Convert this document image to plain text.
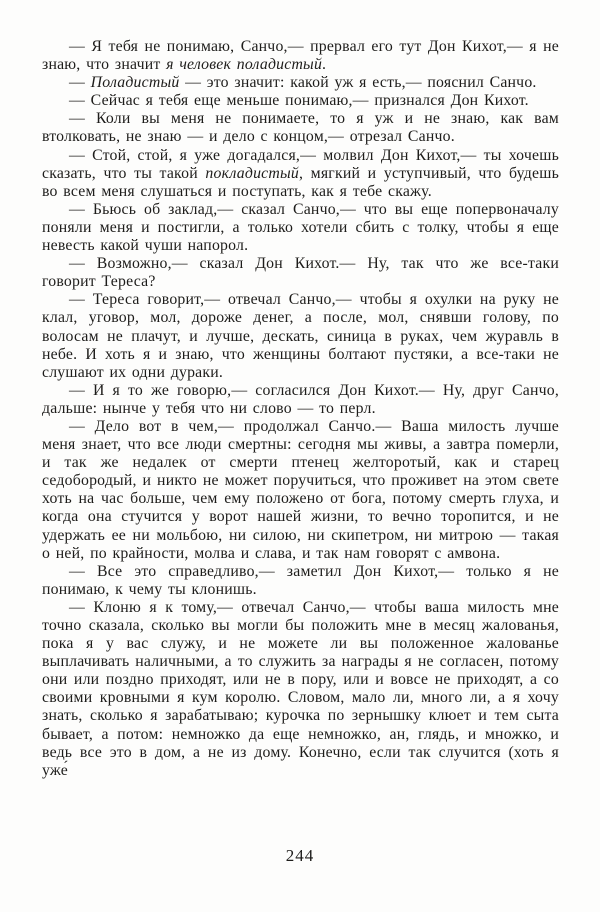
— Я тебя не понимаю, Санчо,— прервал его тут Дон Кихот,— я не знаю, что значит я человек поладистый.

— Поладистый — это значит: какой уж я есть,— пояснил Санчо.

— Сейчас я тебя еще меньше понимаю,— признался Дон Кихот.

— Коли вы меня не понимаете, то я уж и не знаю, как вам втолковать, не знаю — и дело с концом,— отрезал Санчо.

— Стой, стой, я уже догадался,— молвил Дон Кихот,— ты хочешь сказать, что ты такой покладистый, мягкий и уступчивый, что будешь во всем меня слушаться и поступать, как я тебе скажу.

— Бьюсь об заклад,— сказал Санчо,— что вы еще попервоначалу поняли меня и постигли, а только хотели сбить с толку, чтобы я еще невесть какой чуши напорол.

— Возможно,— сказал Дон Кихот.— Ну, так что же все-таки говорит Тереса?

— Тереса говорит,— отвечал Санчо,— чтобы я охулки на руку не клал, уговор, мол, дороже денег, а после, мол, снявши голову, по волосам не плачут, и лучше, дескать, синица в руках, чем журавль в небе. И хоть я и знаю, что женщины болтают пустяки, а все-таки не слушают их одни дураки.

— И я то же говорю,— согласился Дон Кихот.— Ну, друг Санчо, дальше: нынче у тебя что ни слово — то перл.

— Дело вот в чем,— продолжал Санчо.— Ваша милость лучше меня знает, что все люди смертны: сегодня мы живы, а завтра померли, и так же недалек от смерти птенец желторотый, как и старец седобородый, и никто не может поручиться, что проживет на этом свете хоть на час больше, чем ему положено от бога, потому смерть глуха, и когда она стучится у ворот нашей жизни, то вечно торопится, и не удержать ее ни мольбою, ни силою, ни скипетром, ни митрою — такая о ней, по крайности, молва и слава, и так нам говорят с амвона.

— Все это справедливо,— заметил Дон Кихот,— только я не понимаю, к чему ты клонишь.

— Клоню я к тому,— отвечал Санчо,— чтобы ваша милость мне точно сказала, сколько вы могли бы положить мне в месяц жалованья, пока я у вас служу, и не можете ли вы положенное жалованье выплачивать наличными, а то служить за награды я не согласен, потому они или поздно приходят, или не в пору, или и вовсе не приходят, а со своими кровными я кум королю. Словом, мало ли, много ли, а я хочу знать, сколько я зарабатываю; курочка по зернышку клюет и тем сыта бывает, а потом: немножко да еще немножко, ан, глядь, и множко, и ведь все это в дом, а не из дому. Конечно, если так случится (хоть я уже́

244
